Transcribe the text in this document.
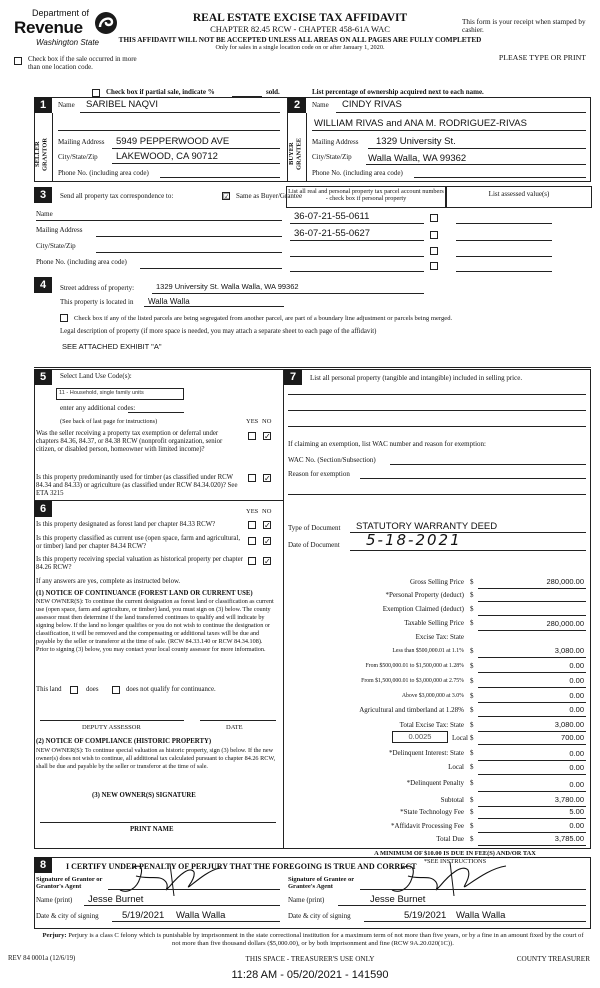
Department of
Revenue
Washington State
REAL ESTATE EXCISE TAX AFFIDAVIT
CHAPTER 82.45 RCW - CHAPTER 458-61A WAC
THIS AFFIDAVIT WILL NOT BE ACCEPTED UNLESS ALL AREAS ON ALL PAGES ARE FULLY COMPLETED
Only for sales in a single location code on or after January 1, 2020.
This form is your receipt when stamped by cashier.
PLEASE TYPE OR PRINT
Check box if the sale occurred in more than one location code.
Check box if partial sale, indicate %	sold.	List percentage of ownership acquired next to each name.
1
SELLER GRANTOR
Name SARIBEL NAQVI
Mailing Address 5949 PEPPERWOOD AVE
City/State/Zip LAKEWOOD, CA 90712
Phone No. (including area code)
2
BUYER GRANTEE
Name CINDY RIVAS
WILLIAM RIVAS and ANA M. RODRIGUEZ-RIVAS
Mailing Address 1329 University St.
City/State/Zip Walla Walla, WA 99362
Phone No. (including area code)
3	Send all property tax correspondence to:	☑ Same as Buyer/Grantee
List all real and personal property tax parcel account numbers - check box if personal property
List assessed value(s)
Name
Mailing Address
City/State/Zip
Phone No. (including area code)
36-07-21-55-0611
36-07-21-55-0627
4	Street address of property:	1329 University St. Walla Walla, WA 99362
This property is located in Walla Walla
Check box if any of the listed parcels are being segregated from another parcel, are part of a boundary line adjustment or parcels being merged.
Legal description of property (if more space is needed, you may attach a separate sheet to each page of the affidavit)
SEE ATTACHED EXHIBIT "A"
5	Select Land Use Code(s):
11 - Household, single family units
enter any additional codes:
(See back of last page for instructions)	YES NO
Was the seller receiving a property tax exemption or deferral under chapters 84.36, 84.37, or 84.38 RCW (nonprofit organization, senior citizen, or disabled person, homeowner with limited income)?
✓
Is this property predominantly used for timber (as classified under RCW 84.34 and 84.33) or agriculture (as classified under RCW 84.34.020)? See ETA 3215
✓
6	YES NO
Is this property designated as forest land per chapter 84.33 RCW?	✓
Is this property classified as current use (open space, farm and agricultural, or timber) land per chapter 84.34 RCW?
✓
Is this property receiving special valuation as historical property per chapter 84.26 RCW?
✓
If any answers are yes, complete as instructed below.
(1) NOTICE OF CONTINUANCE (FOREST LAND OR CURRENT USE)
NEW OWNER(S): To continue the current designation as forest land or classification as current use (open space, farm and agriculture, or timber) land, you must sign on (3) below. The county assessor must then determine if the land transferred continues to qualify and will indicate by signing below. If the land no longer qualifies or you do not wish to continue the designation or classification, it will be removed and the compensating or additional taxes will be due and payable by the seller or transferor at the time of sale. (RCW 84.33.140 or RCW 84.34.108). Prior to signing (3) below, you may contact your local county assessor for more information.
This land	does	does not qualify for continuance.
DEPUTY ASSESSOR	DATE
(2) NOTICE OF COMPLIANCE (HISTORIC PROPERTY)
NEW OWNER(S): To continue special valuation as historic property, sign (3) below. If the new owner(s) does not wish to continue, all additional tax calculated pursuant to chapter 84.26 RCW, shall be due and payable by the seller or transferor at the time of sale.
(3) NEW OWNER(S) SIGNATURE
PRINT NAME
7	List all personal property (tangible and intangible) included in selling price.
If claiming an exemption, list WAC number and reason for exemption:
WAC No. (Section/Subsection)
Reason for exemption
Type of Document STATUTORY WARRANTY DEED
Date of Document 5-18-2021
Gross Selling Price $	280,000.00
*Personal Property (deduct) $
Exemption Claimed (deduct) $
Taxable Selling Price $	280,000.00
Excise Tax: State
Less than $500,000.01 at 1.1% $	3,080.00
From $500,000.01 to $1,500,000 at 1.28% $	0.00
From $1,500,000.01 to $3,000,000 at 2.75% $	0.00
Above $3,000,000 at 3.0% $	0.00
Agricultural and timberland at 1.28% $	0.00
Total Excise Tax: State $	3,080.00
0.0025	Local $	700.00
*Delinquent Interest: State $	0.00
Local $	0.00
*Delinquent Penalty $	0.00
Subtotal $	3,780.00
*State Technology Fee $	5.00
*Affidavit Processing Fee $	0.00
Total Due $	3,785.00
A MINIMUM OF $10.00 IS DUE IN FEE(S) AND/OR TAX
*SEE INSTRUCTIONS
8	I CERTIFY UNDER PENALTY OF PERJURY THAT THE FOREGOING IS TRUE AND CORRECT
Signature of Grantor or Grantor's Agent
Name (print) Jesse Burnet
Date & city of signing 5/19/2021 Walla Walla
Signature of Grantee or Grantee's Agent
Name (print)	Jesse Burnet
Date & city of signing	5/19/2021 Walla Walla
Perjury: Perjury is a class C felony which is punishable by imprisonment in the state correctional institution for a maximum term of not more than five years, or by a fine in an amount fixed by the court of not more than five thousand dollars ($5,000.00), or by both imprisonment and fine (RCW 9A.20.020(1C)).
REV 84 0001a (12/6/19)	THIS SPACE - TREASURER'S USE ONLY	COUNTY TREASURER
11:28 AM - 05/20/2021 - 141590
